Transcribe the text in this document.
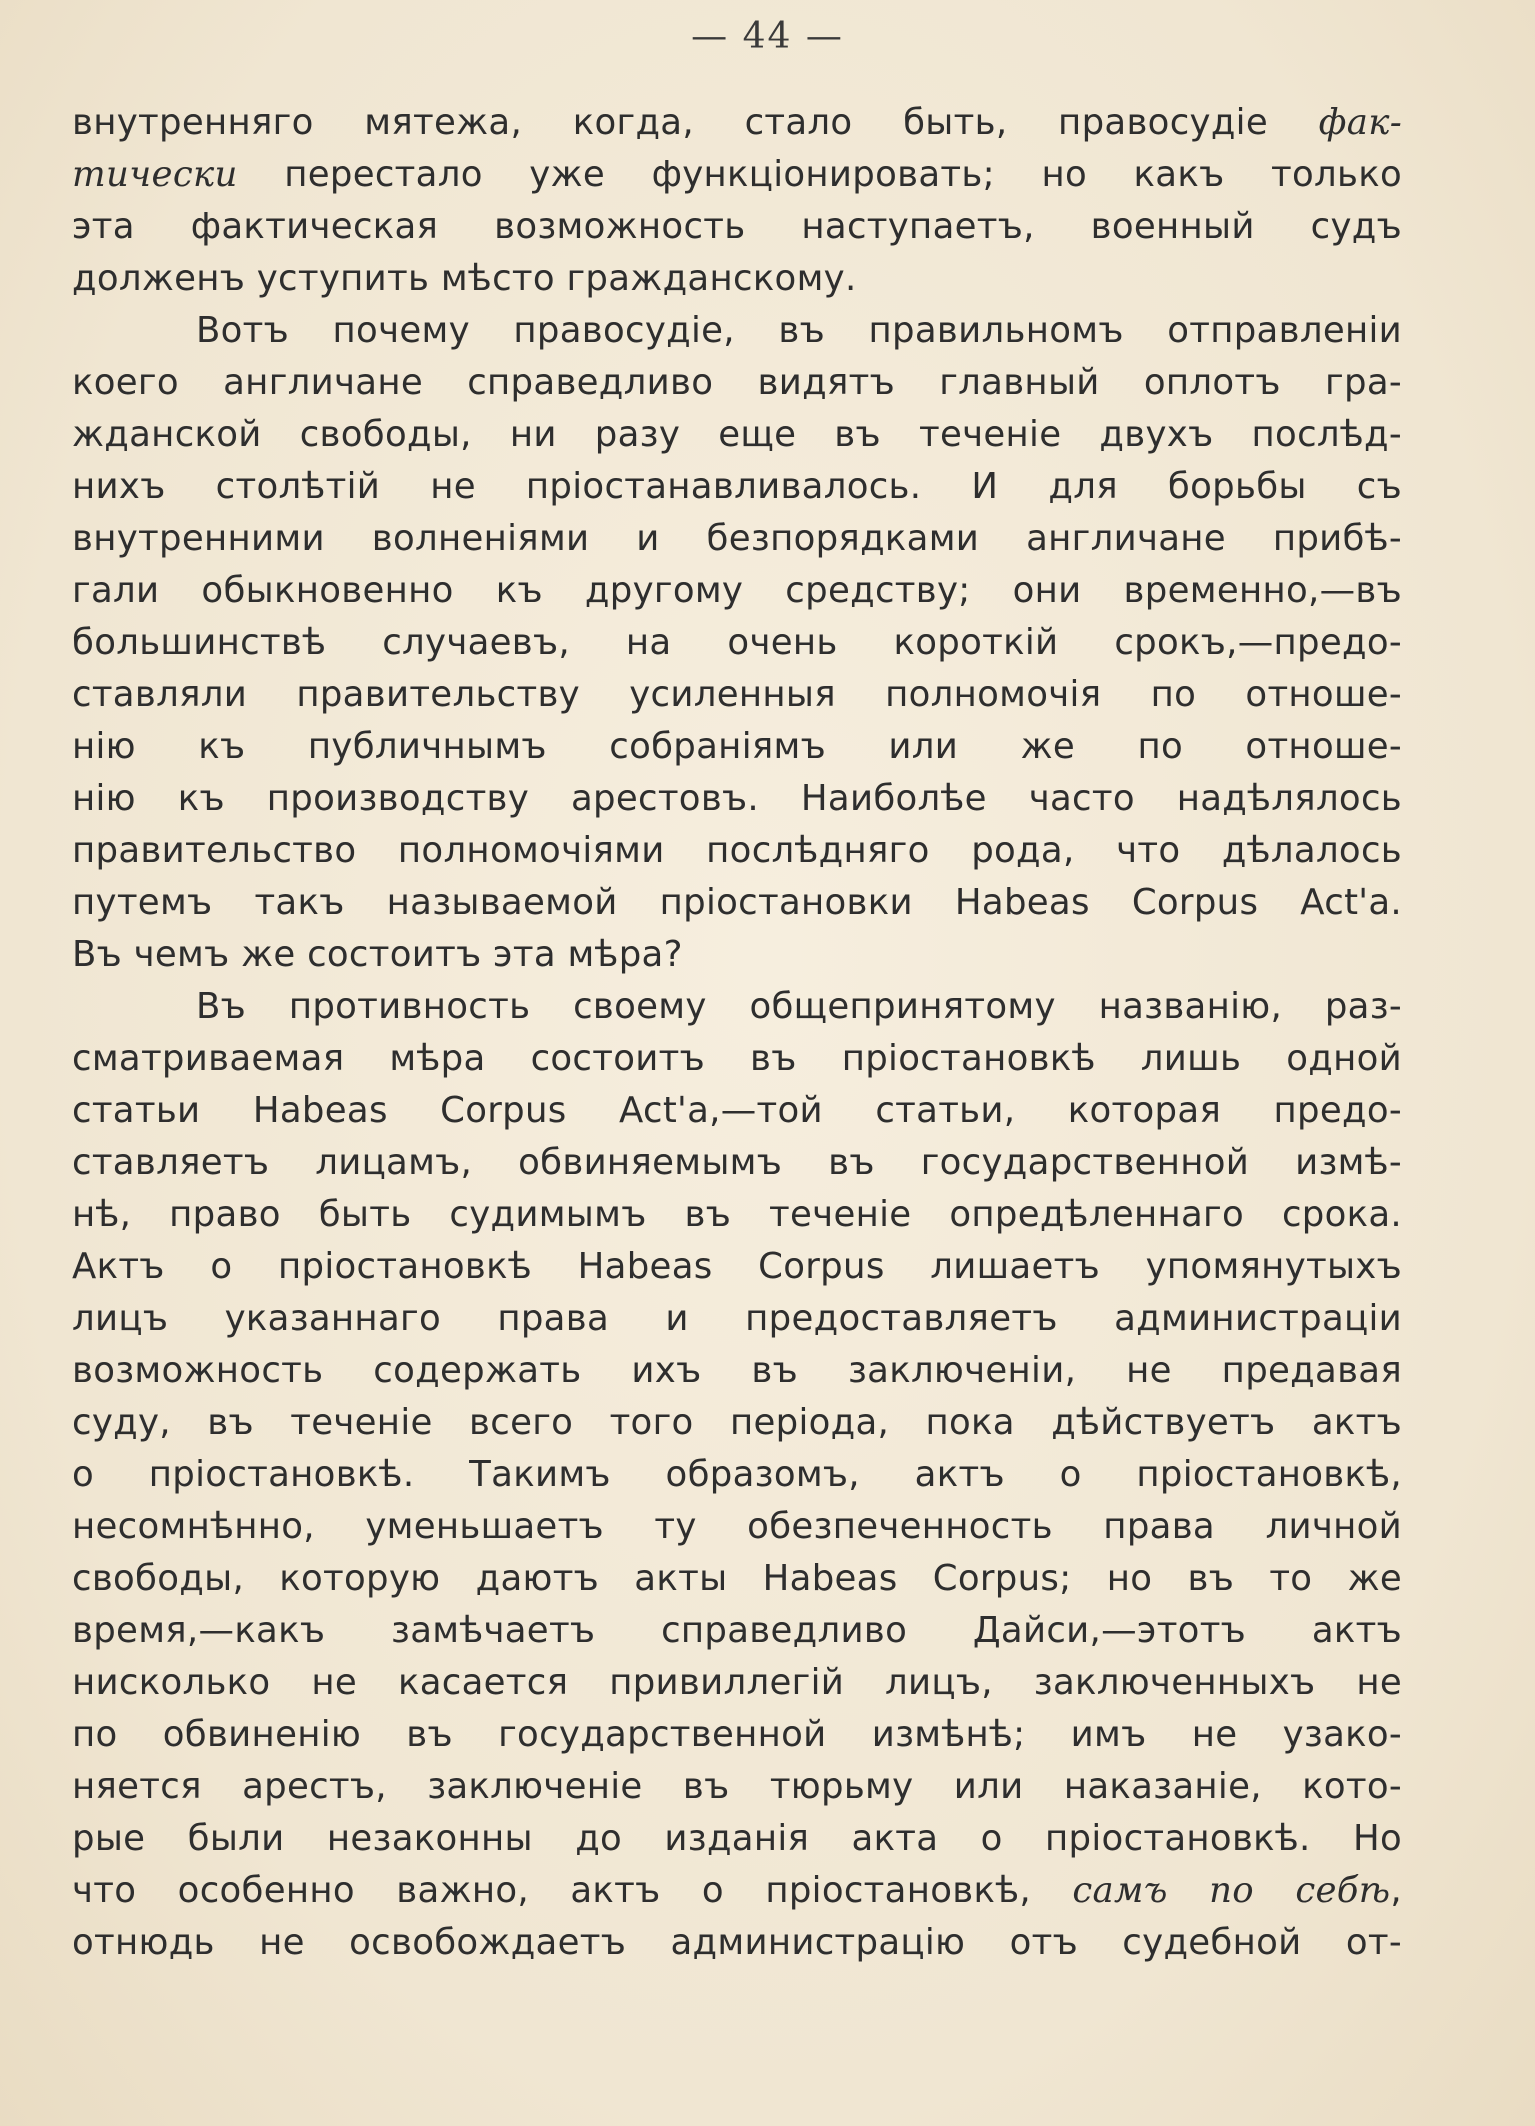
— 44 —
внутренняго мятежа, когда, стало быть, правосудіе фак-
тически перестало уже функціонировать; но какъ только
эта фактическая возможность наступаетъ, военный судъ
долженъ уступить мѣсто гражданскому.
Вотъ почему правосудіе, въ правильномъ отправленіи
коего англичане справедливо видятъ главный оплотъ гра-
жданской свободы, ни разу еще въ теченіе двухъ послѣд-
нихъ столѣтій не пріостанавливалось. И для борьбы съ
внутренними волненіями и безпорядками англичане прибѣ-
гали обыкновенно къ другому средству; они временно,—въ
большинствѣ случаевъ, на очень короткій срокъ,—предо-
ставляли правительству усиленныя полномочія по отноше-
нію къ публичнымъ собраніямъ или же по отноше-
нію къ производству арестовъ. Наиболѣе часто надѣлялось
правительство полномочіями послѣдняго рода, что дѣлалось
путемъ такъ называемой пріостановки Habeas Corpus Act'a.
Въ чемъ же состоитъ эта мѣра?
Въ противность своему общепринятому названію, раз-
сматриваемая мѣра состоитъ въ пріостановкѣ лишь одной
статьи Habeas Corpus Act'a,—той статьи, которая предо-
ставляетъ лицамъ, обвиняемымъ въ государственной измѣ-
нѣ, право быть судимымъ въ теченіе опредѣленнаго срока.
Актъ о пріостановкѣ Habeas Corpus лишаетъ упомянутыхъ
лицъ указаннаго права и предоставляетъ администраціи
возможность содержать ихъ въ заключеніи, не предавая
суду, въ теченіе всего того періода, пока дѣйствуетъ актъ
о пріостановкѣ. Такимъ образомъ, актъ о пріостановкѣ,
несомнѣнно, уменьшаетъ ту обезпеченность права личной
свободы, которую даютъ акты Habeas Corpus; но въ то же
время,—какъ замѣчаетъ справедливо Дайси,—этотъ актъ
нисколько не касается привиллегій лицъ, заключенныхъ не
по обвиненію въ государственной измѣнѣ; имъ не узако-
няется арестъ, заключеніе въ тюрьму или наказаніе, кото-
рые были незаконны до изданія акта о пріостановкѣ. Но
что особенно важно, актъ о пріостановкѣ, самъ по себѣ,
отнюдь не освобождаетъ администрацію отъ судебной от-
